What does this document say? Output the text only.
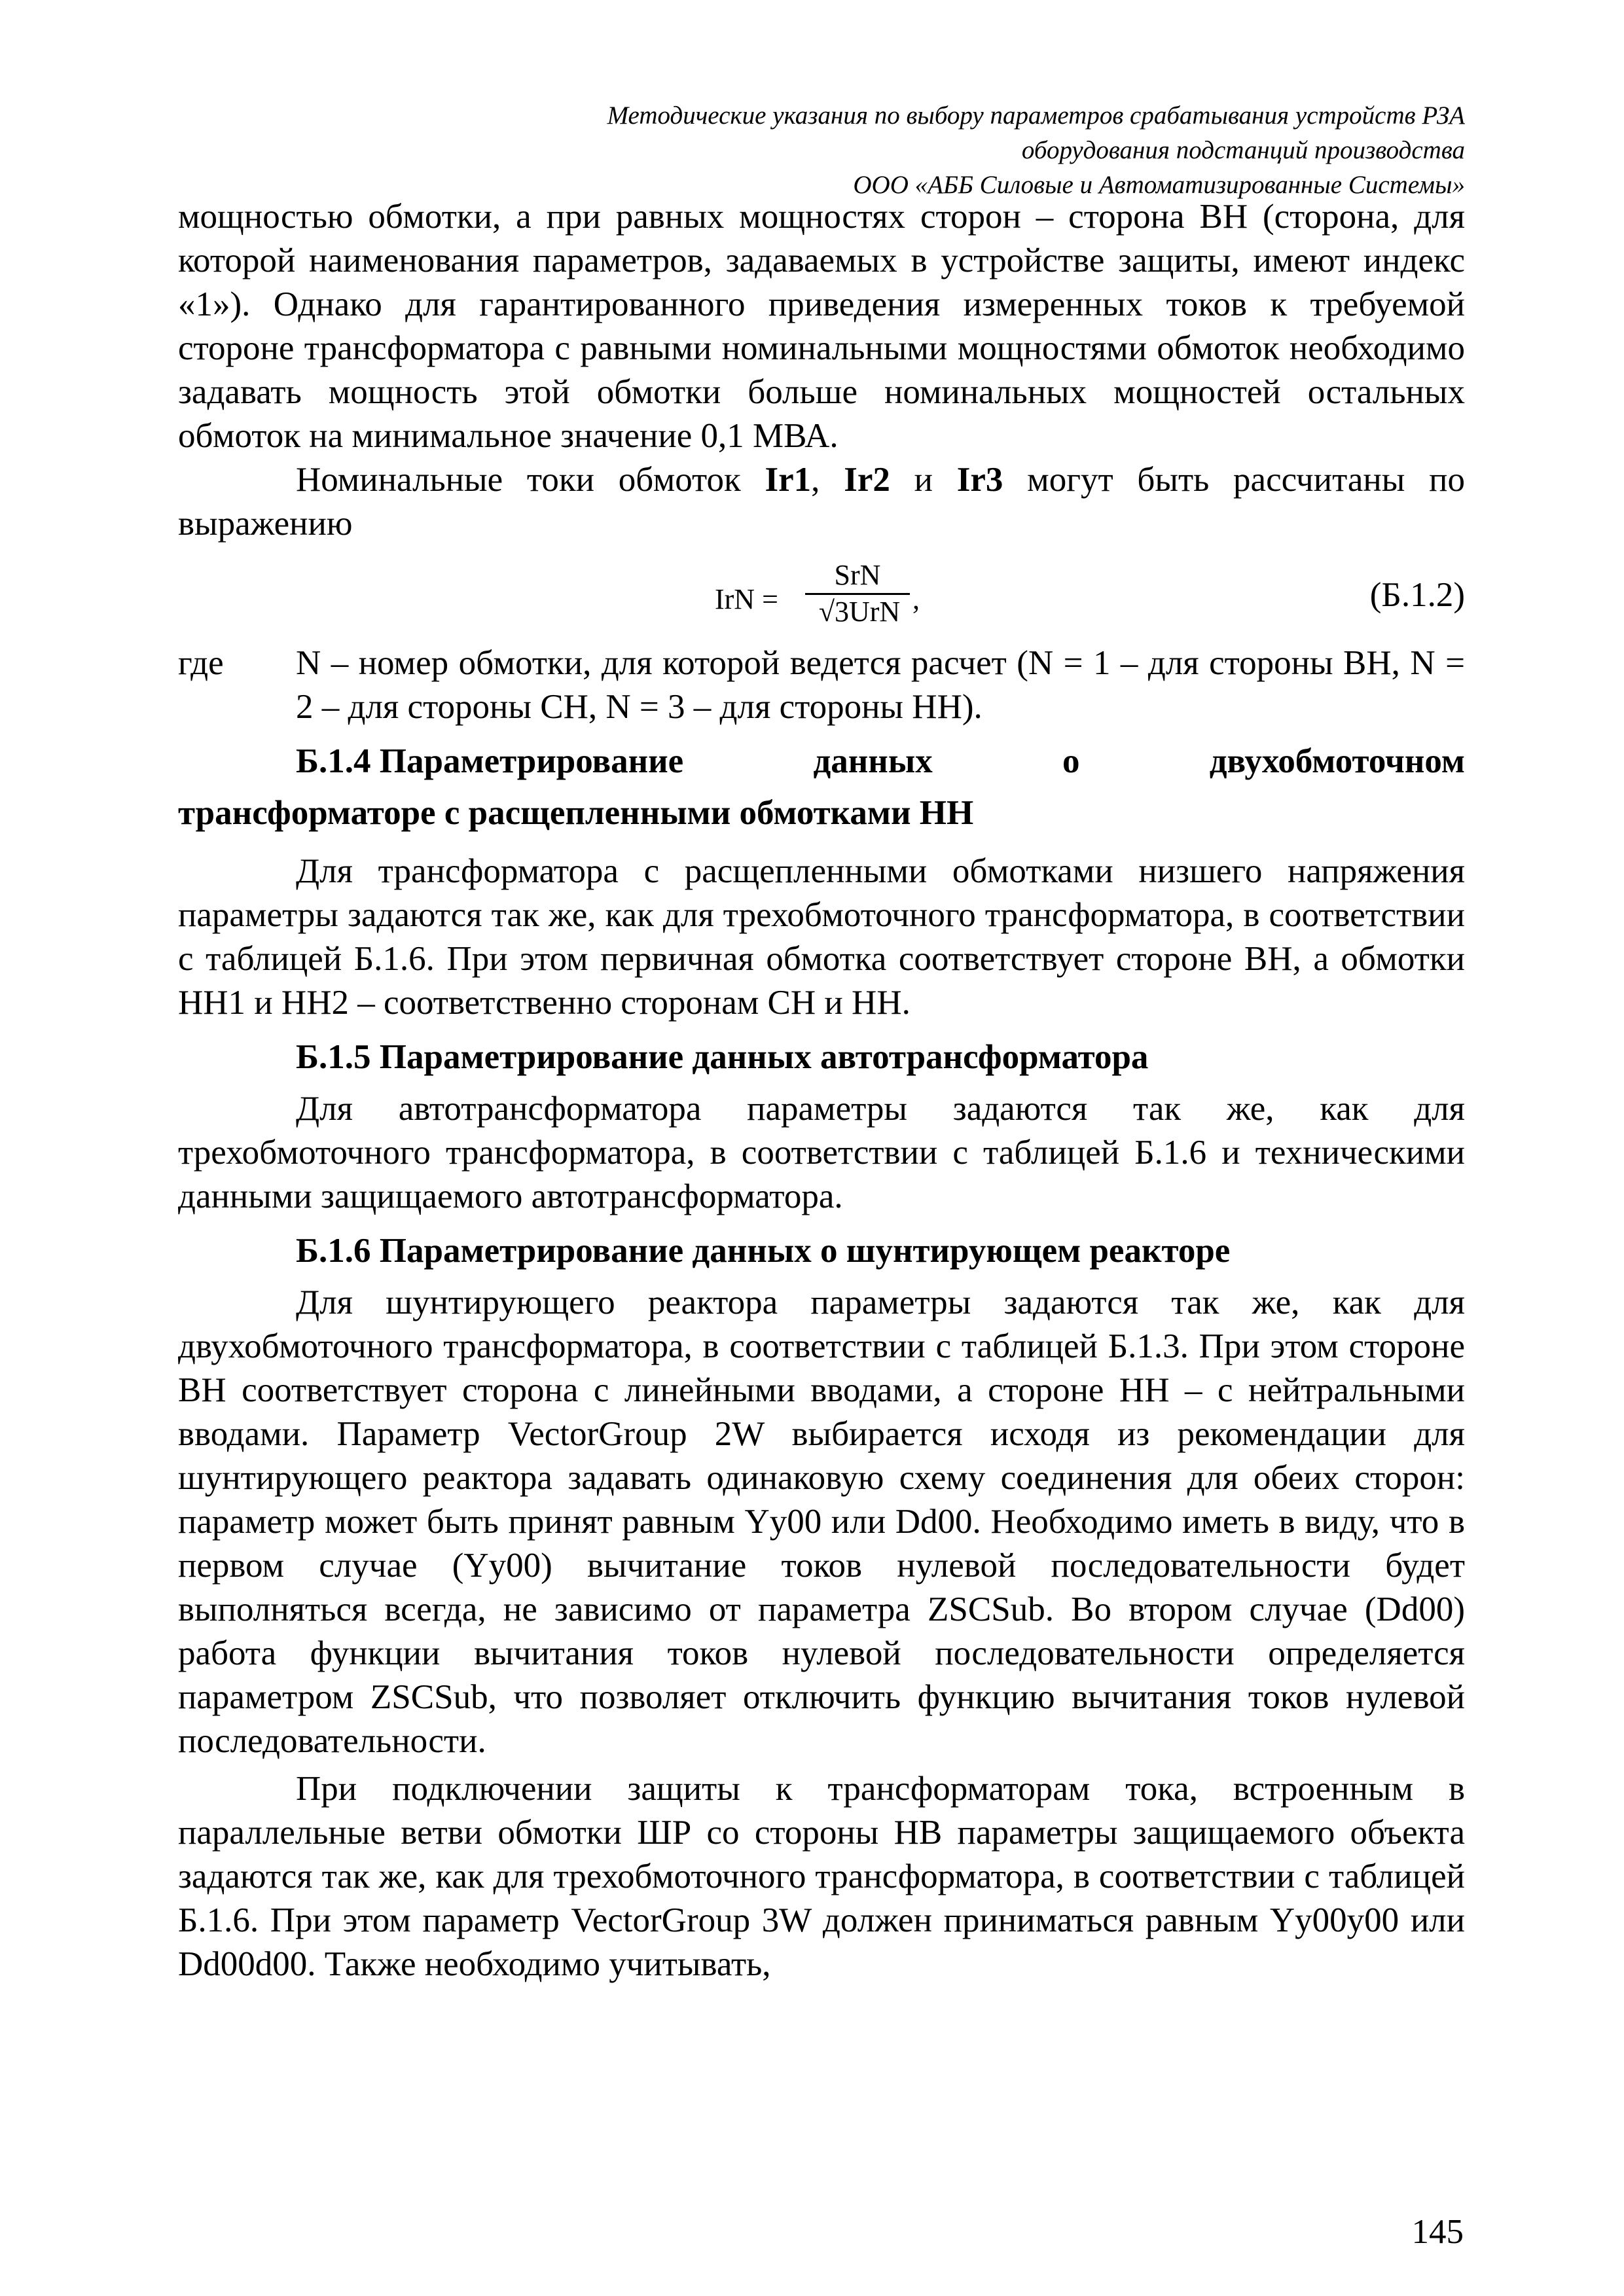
Методические указания по выбору параметров срабатывания устройств РЗА
оборудования подстанций производства
ООО «АББ Силовые и Автоматизированные Системы»

мощностью обмотки, а при равных мощностях сторон – сторона ВН (сторона, для которой наименования параметров, задаваемых в устройстве защиты, имеют индекс «1»). Однако для гарантированного приведения измеренных токов к требуемой стороне трансформатора с равными номинальными мощностями обмоток необходимо задавать мощность этой обмотки больше номинальных мощностей остальных обмоток на минимальное значение 0,1 МВА.

Номинальные токи обмоток Ir1, Ir2 и Ir3 могут быть рассчитаны по выражению

IrN =
SrN
√3UrN ,	(Б.1.2)
где	N – номер обмотки, для которой ведется расчет (N = 1 – для стороны ВН, N = 2 – для стороны СН, N = 3 – для стороны НН).
Б.1.4 Параметрирование	данных	о	двухобмоточном
трансформаторе с расщепленными обмотками НН

Для трансформатора с расщепленными обмотками низшего напряжения параметры задаются так же, как для трехобмоточного трансформатора, в соответствии с таблицей Б.1.6. При этом первичная обмотка соответствует стороне ВН, а обмотки НН1 и НН2 – соответственно сторонам СН и НН.

Б.1.5 Параметрирование данных автотрансформатора

Для автотрансформатора параметры задаются так же, как для трехобмоточного трансформатора, в соответствии с таблицей Б.1.6 и техническими данными защищаемого автотрансформатора.

Б.1.6 Параметрирование данных о шунтирующем реакторе

Для шунтирующего реактора параметры задаются так же, как для двухобмоточного трансформатора, в соответствии с таблицей Б.1.3. При этом стороне ВН соответствует сторона с линейными вводами, а стороне НН – с нейтральными вводами. Параметр VectorGroup 2W выбирается исходя из рекомендации для шунтирующего реактора задавать одинаковую схему соединения для обеих сторон: параметр может быть принят равным Yy00 или Dd00. Необходимо иметь в виду, что в первом случае (Yy00) вычитание токов нулевой последовательности будет выполняться всегда, не зависимо от параметра ZSCSub. Во втором случае (Dd00) работа функции вычитания токов нулевой последовательности определяется параметром ZSCSub, что позволяет отключить функцию вычитания токов нулевой последовательности.

При подключении защиты к трансформаторам тока, встроенным в параллельные ветви обмотки ШР со стороны НВ параметры защищаемого объекта задаются так же, как для трехобмоточного трансформатора, в соответствии с таблицей Б.1.6. При этом параметр VectorGroup 3W должен приниматься равным Yy00y00 или Dd00d00. Также необходимо учитывать,

145
